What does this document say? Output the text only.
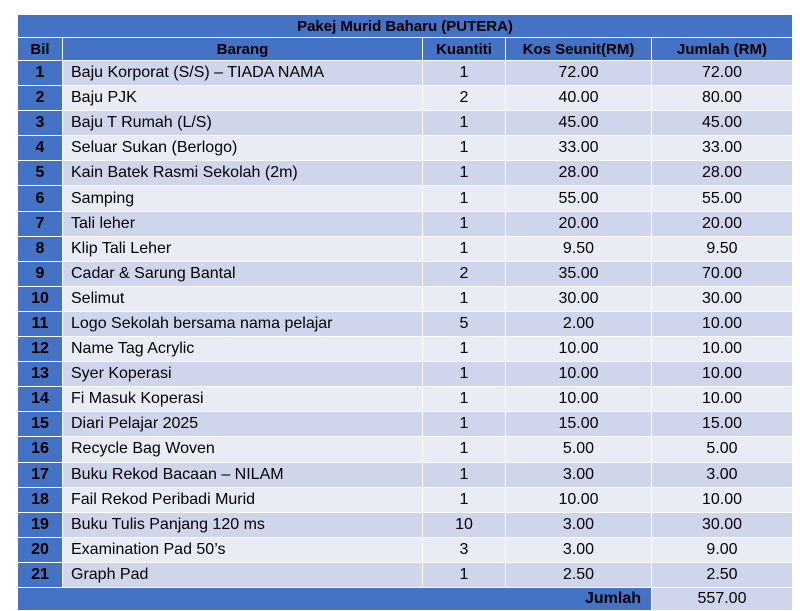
Pakej Murid Baharu (PUTERA)				
Bil	Barang	Kuantiti	Kos Seunit(RM)	Jumlah (RM)
1	Baju Korporat (S/S) – TIADA NAMA	1	72.00	72.00
2	Baju PJK	2	40.00	80.00
3	Baju T Rumah (L/S)	1	45.00	45.00
4	Seluar Sukan (Berlogo)	1	33.00	33.00
5	Kain Batek Rasmi Sekolah (2m)	1	28.00	28.00
6	Samping	1	55.00	55.00
7	Tali leher	1	20.00	20.00
8	Klip Tali Leher	1	9.50	9.50
9	Cadar & Sarung Bantal	2	35.00	70.00
10	Selimut	1	30.00	30.00
11	Logo Sekolah bersama nama pelajar	5	2.00	10.00
12	Name Tag Acrylic	1	10.00	10.00
13	Syer Koperasi	1	10.00	10.00
14	Fi Masuk Koperasi	1	10.00	10.00
15	Diari Pelajar 2025	1	15.00	15.00
16	Recycle Bag Woven	1	5.00	5.00
17	Buku Rekod Bacaan – NILAM	1	3.00	3.00
18	Fail Rekod Peribadi Murid	1	10.00	10.00
19	Buku Tulis Panjang 120 ms	10	3.00	30.00
20	Examination Pad 50’s	3	3.00	9.00
21	Graph Pad	1	2.50	2.50
Jumlah				557.00
